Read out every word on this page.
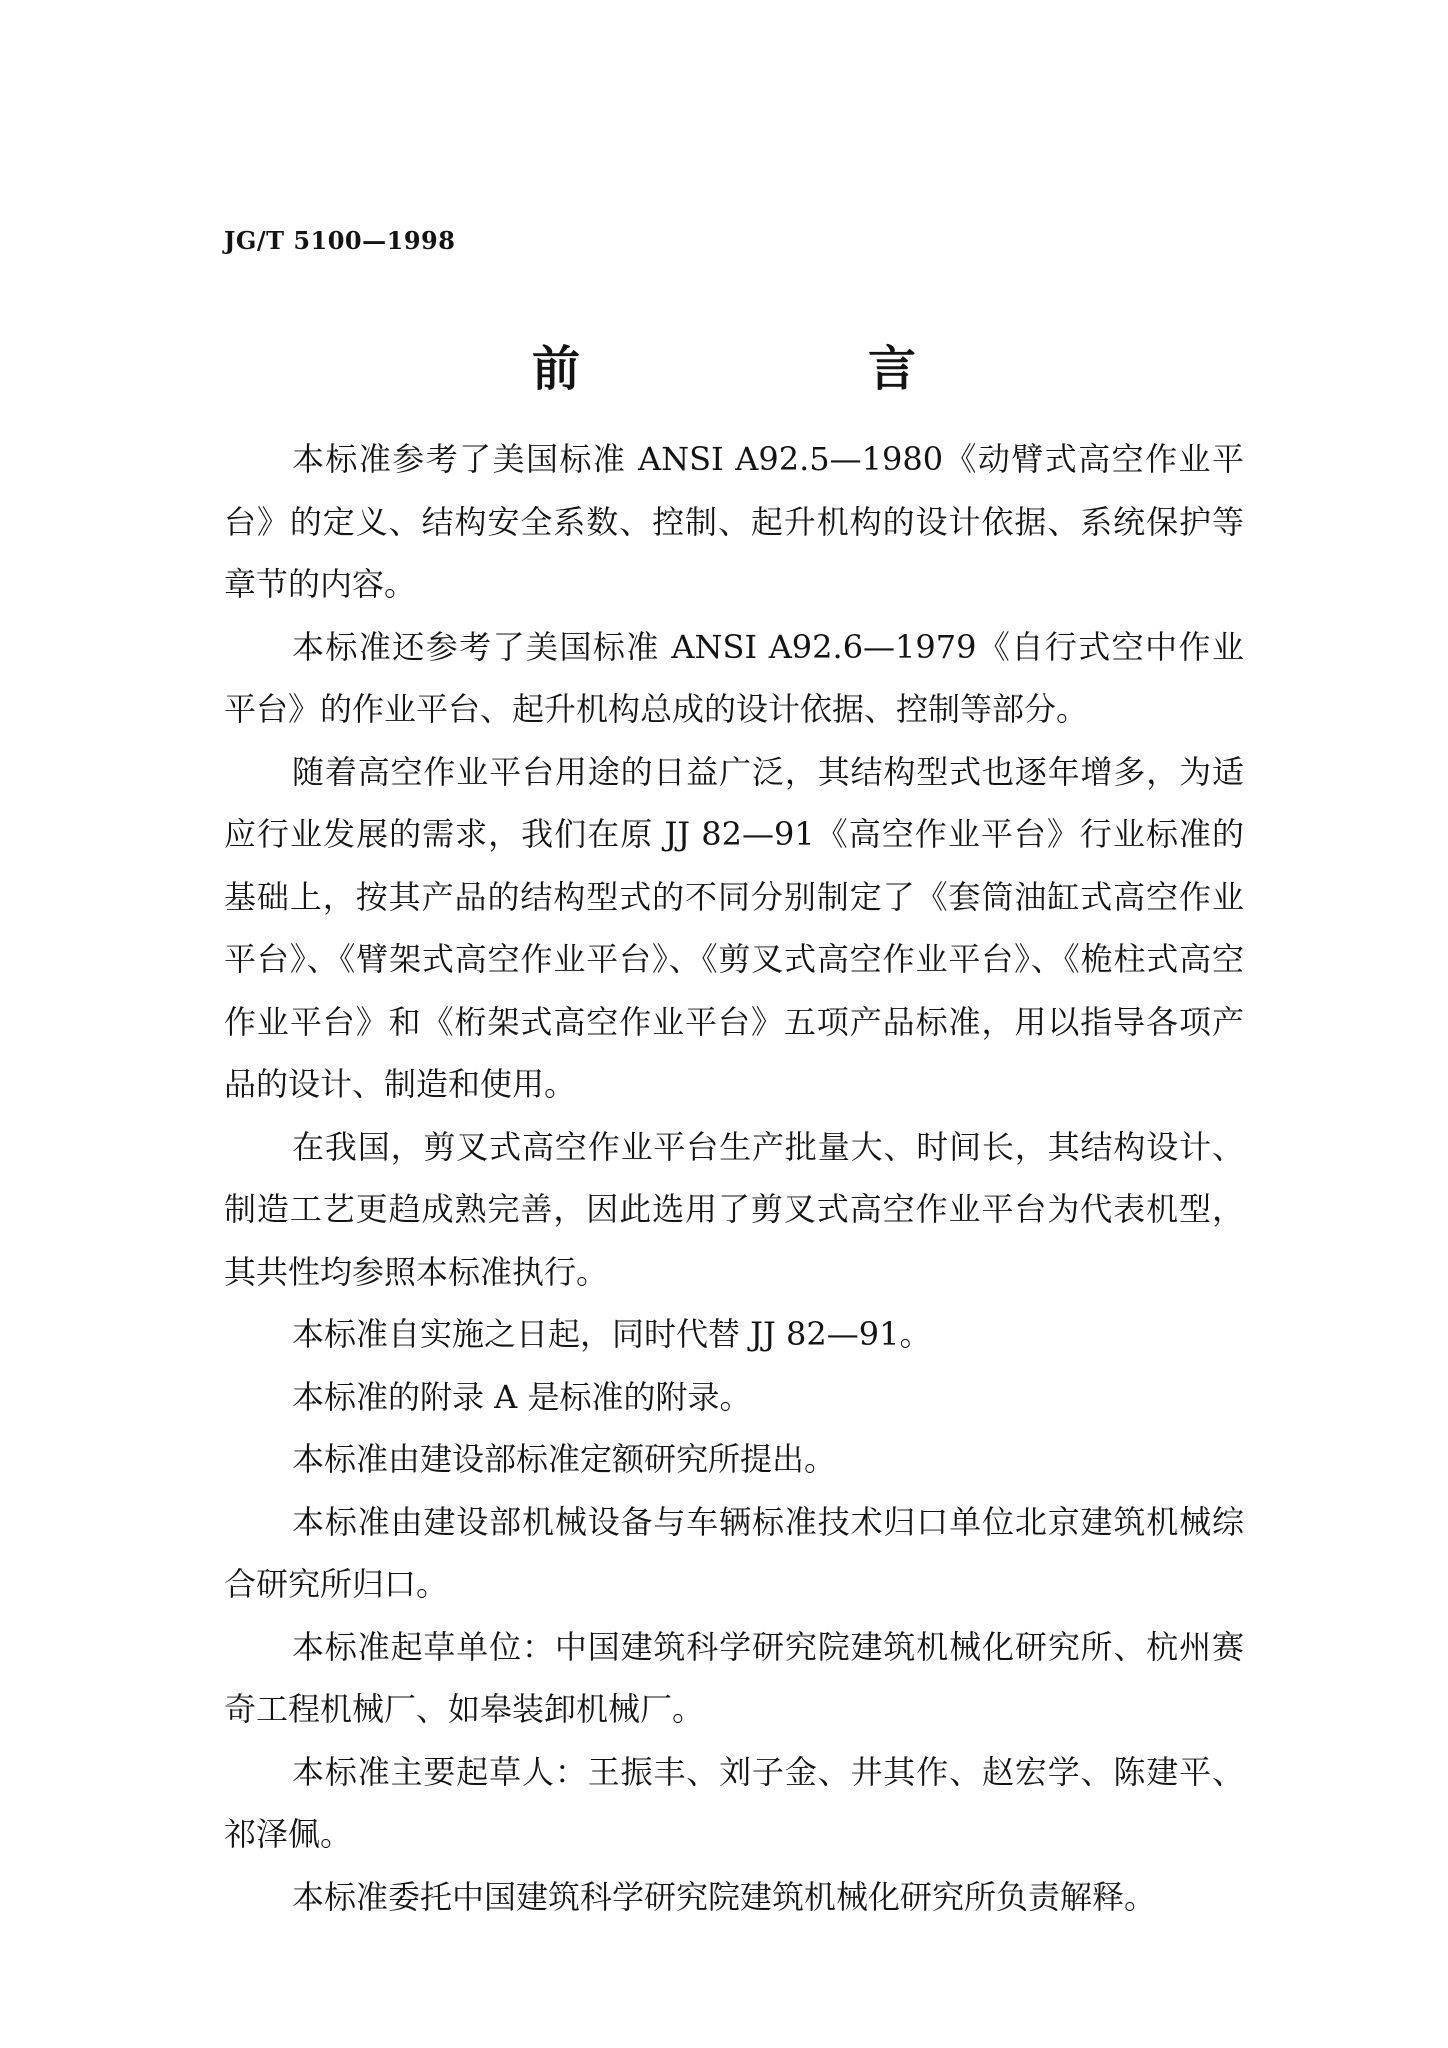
JG/T 5100—1998
前　言

本标准参考了美国标准 ANSI A92.5—1980《动臂式高空作业平台》的定义、结构安全系数、控制、起升机构的设计依据、系统保护等章节的内容。

本标准还参考了美国标准 ANSI A92.6—1979《自行式空中作业平台》的作业平台、起升机构总成的设计依据、控制等部分。

随着高空作业平台用途的日益广泛，其结构型式也逐年增多，为适应行业发展的需求，我们在原 JJ 82—91《高空作业平台》行业标准的基础上，按其产品的结构型式的不同分别制定了《套筒油缸式高空作业平台》、《臂架式高空作业平台》、《剪叉式高空作业平台》、《桅柱式高空作业平台》和《桁架式高空作业平台》五项产品标准，用以指导各项产品的设计、制造和使用。

在我国，剪叉式高空作业平台生产批量大、时间长，其结构设计、制造工艺更趋成熟完善，因此选用了剪叉式高空作业平台为代表机型，其共性均参照本标准执行。

本标准自实施之日起，同时代替 JJ 82—91。

本标准的附录 A 是标准的附录。

本标准由建设部标准定额研究所提出。

本标准由建设部机械设备与车辆标准技术归口单位北京建筑机械综合研究所归口。

本标准起草单位：中国建筑科学研究院建筑机械化研究所、杭州赛奇工程机械厂、如皋装卸机械厂。

本标准主要起草人：王振丰、刘子金、井其作、赵宏学、陈建平、祁泽佩。

本标准委托中国建筑科学研究院建筑机械化研究所负责解释。
